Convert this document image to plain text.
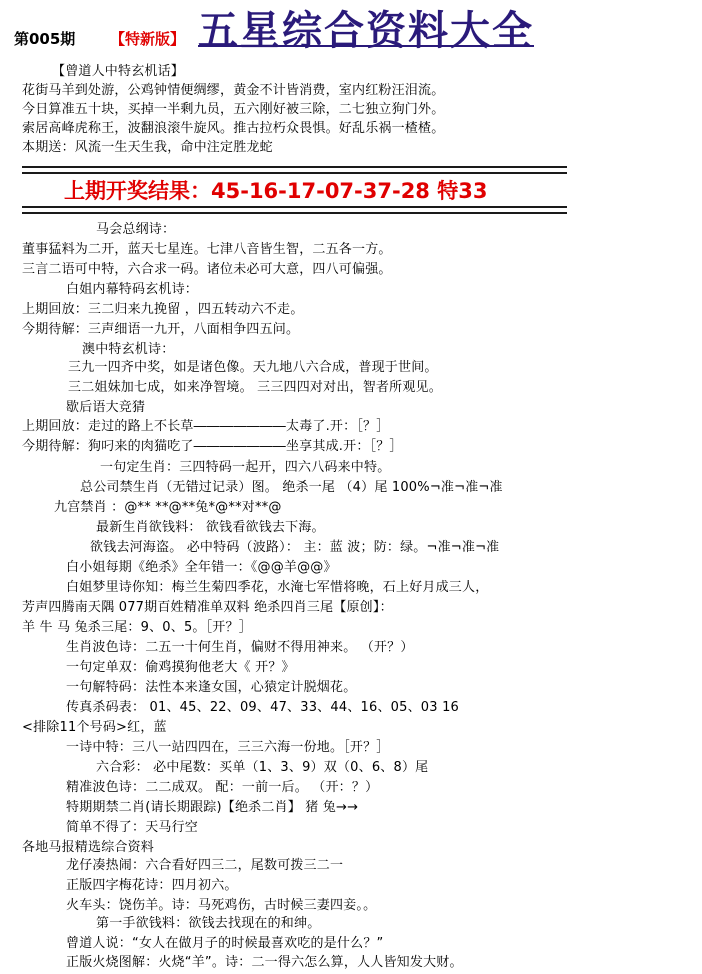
第005期 【特新版】 五星综合资料大全
【曾道人中特玄机话】
花街马羊到处游，公鸡钟情便绸缪，黄金不计皆消费，室内红粉汪泪流。
今日算准五十块，买掉一半剩九员，五六刚好被三除，二七独立狗门外。
索居高峰虎称王，波翻浪滚牛旋风。推古拉朽众畏惧。好乱乐祸一楂楂。
本期送：风流一生天生我，命中注定胜龙蛇
上期开奖结果：45-16-17-07-37-28 特33
马会总纲诗：
董事猛料为二开，蓝天七星连。七津八音皆生智，二五各一方。
三言二语可中特，六合求一码。诸位未必可大意，四八可偏强。
白姐内幕特码玄机诗：
上期回放：三二归来九挽留 ，四五转动六不走。
今期待解：三声细语一九开，八面相争四五问。
澳中特玄机诗：
三九一四齐中奖，如是诸色像。天九地八六合成，普现于世间。
三二姐妹加七成，如来净智境。 三三四四对对出，智者所观见。
歇后语大竞猜
上期回放：走过的路上不长草―――――――太毒了.开：［？］
今期待解：狗叼来的肉猫吃了―――――――坐享其成.开：［？］
一句定生肖：三四特码一起开，四六八码来中特。
总公司禁生肖（无错过记录）图。 绝杀一尾 （4）尾 100%¬准¬准¬准
九宫禁肖 ：@** **@**兔*@**对**@
最新生肖欲钱料： 欲钱看欲钱去下海。
欲钱去河海盗。 必中特码（波路）： 主：蓝 波；防：绿。¬准¬准¬准
白小姐每期《绝杀》全年错一：《@@羊@@》
白姐梦里诗你知：梅兰生菊四季花，水淹七军惜将晚，石上好月成三人，
芳声四腾南天隅 077期百姓精准单双料 绝杀四肖三尾【原创】：
羊 牛 马 兔杀三尾：9、0、5。［开？］
生肖波色诗：二五一十何生肖，偏财不得用神来。 （开？）
一句定单双：偷鸡摸狗他老大《 开？》
一句解特码：法性本来逢女国，心猿定计脱烟花。
传真杀码表： 01、45、22、09、47、33、44、16、05、03 16
<排除11个号码>红，蓝
一诗中特：三八一站四四在，三三六海一份地。［开？］
六合彩： 必中尾数：买单（1、3、9）双（0、6、8）尾
精准波色诗：二二成双。 配：一前一后。 （开：？）
特期期禁二肖(请长期跟踪)【绝杀二肖】 猪 兔→→
简单不得了：天马行空
各地马报精选综合资料
龙仔凑热闹：六合看好四三二，尾数可拨三二一
正版四字梅花诗：四月初六。
火车头：饶伤羊。诗：马死鸡伤，古时候三妻四妾。。
第一手欲钱料：欲钱去找现在的和绅。
曾道人说：“女人在做月子的时候最喜欢吃的是什么？”
正版火烧图解：火烧“羊”。诗：二一得六怎么算，人人皆知发大财。
